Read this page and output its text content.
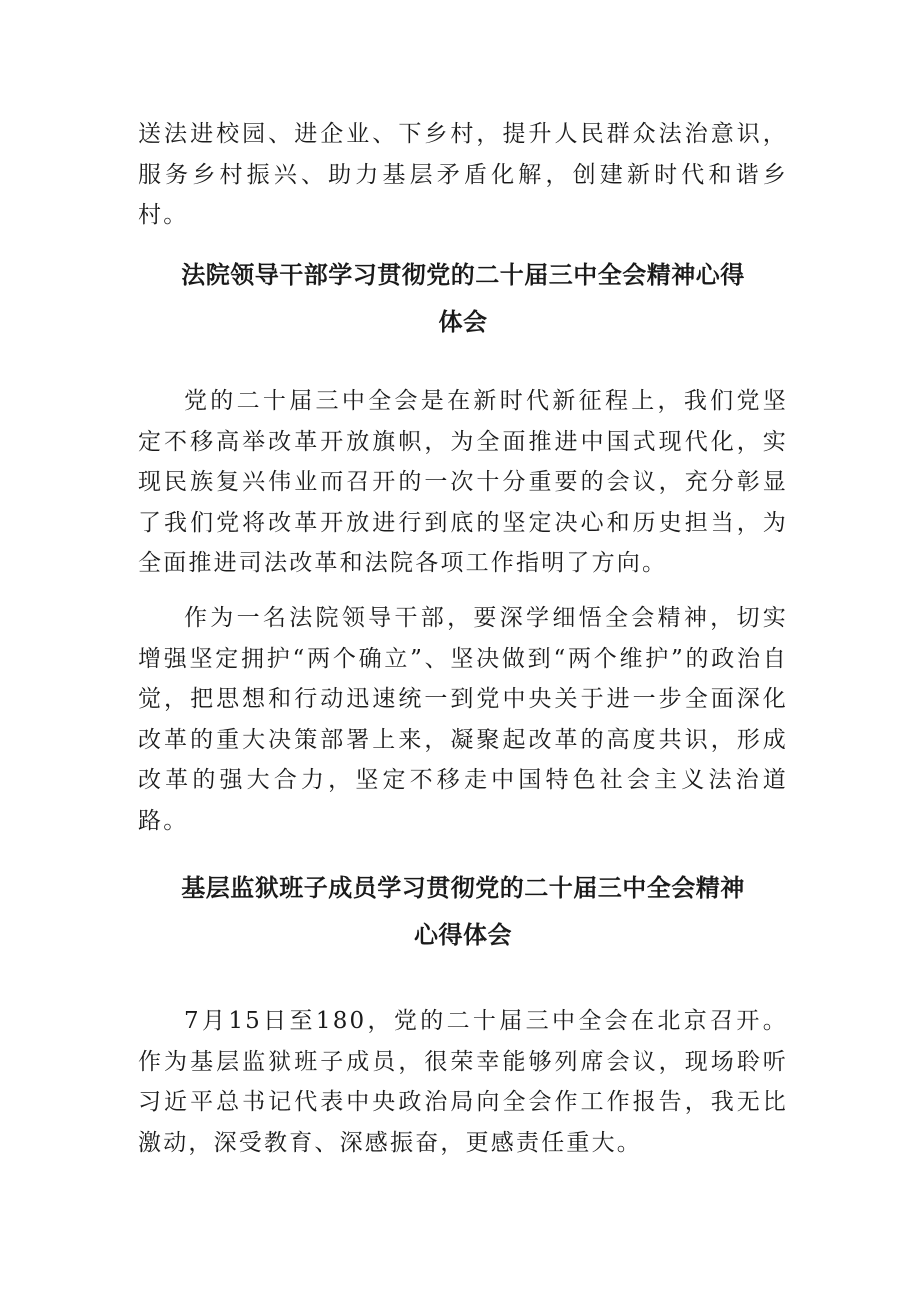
送法进校园、进企业、下乡村，提升人民群众法治意识，服务乡村振兴、助力基层矛盾化解，创建新时代和谐乡村。

法院领导干部学习贯彻党的二十届三中全会精神心得
体会

党的二十届三中全会是在新时代新征程上，我们党坚定不移高举改革开放旗帜，为全面推进中国式现代化，实现民族复兴伟业而召开的一次十分重要的会议，充分彰显了我们党将改革开放进行到底的坚定决心和历史担当，为全面推进司法改革和法院各项工作指明了方向。

作为一名法院领导干部，要深学细悟全会精神，切实增强坚定拥护“两个确立”、坚决做到“两个维护”的政治自觉，把思想和行动迅速统一到党中央关于进一步全面深化改革的重大决策部署上来，凝聚起改革的高度共识，形成改革的强大合力，坚定不移走中国特色社会主义法治道路。

基层监狱班子成员学习贯彻党的二十届三中全会精神
心得体会

7月15日至180，党的二十届三中全会在北京召开。作为基层监狱班子成员，很荣幸能够列席会议，现场聆听习近平总书记代表中央政治局向全会作工作报告，我无比激动，深受教育、深感振奋，更感责任重大。
